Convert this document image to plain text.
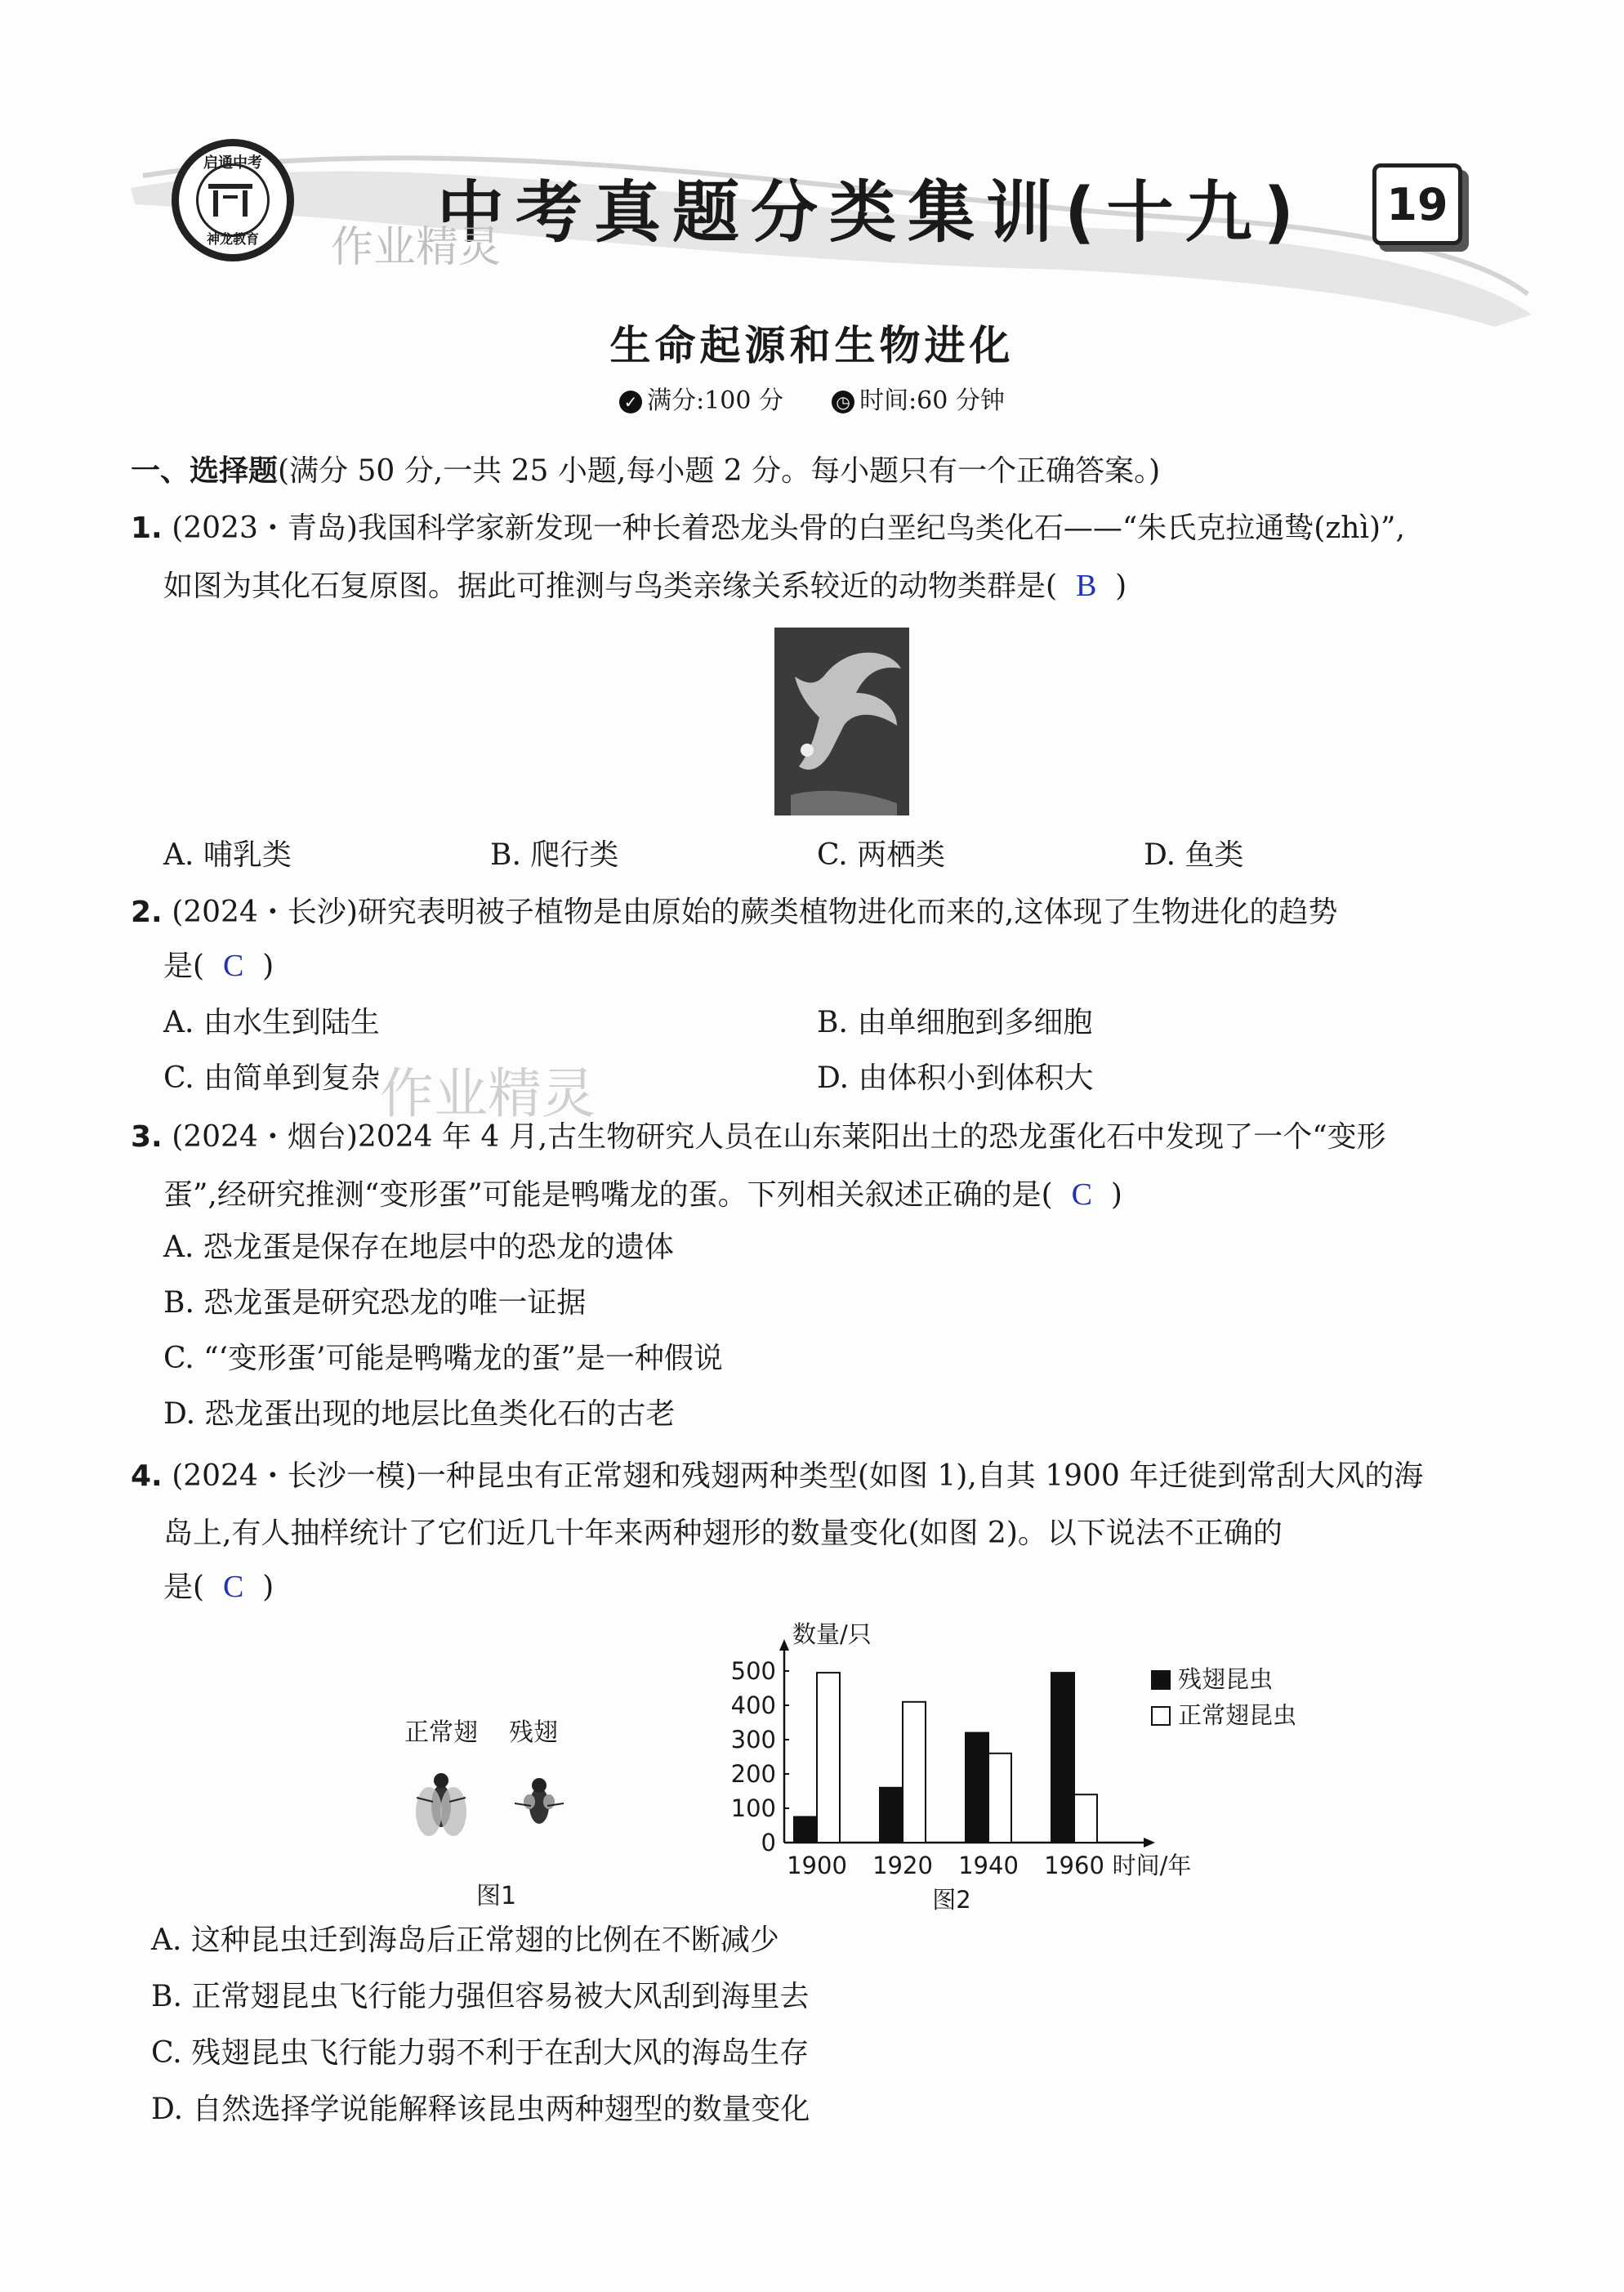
启通中考
神龙教育	中考真题分类集训(十九)	19
作业精灵
生命起源和生物进化
✓ 满分:100 分	◷ 时间:60 分钟
一、选择题(满分 50 分,一共 25 小题,每小题 2 分。每小题只有一个正确答案。)
1. (2023・青岛)我国科学家新发现一种长着恐龙头骨的白垩纪鸟类化石——“朱氏克拉通鸷(zhì)”,
如图为其化石复原图。据此可推测与鸟类亲缘关系较近的动物类群是( B  )
A. 哺乳类	B. 爬行类	C. 两栖类	D. 鱼类
2. (2024・长沙)研究表明被子植物是由原始的蕨类植物进化而来的,这体现了生物进化的趋势
是( C  )
A. 由水生到陆生	B. 由单细胞到多细胞
C. 由简单到复杂	D. 由体积小到体积大
作业精灵
3. (2024・烟台)2024 年 4 月,古生物研究人员在山东莱阳出土的恐龙蛋化石中发现了一个“变形
蛋”,经研究推测“变形蛋”可能是鸭嘴龙的蛋。下列相关叙述正确的是( C  )
A. 恐龙蛋是保存在地层中的恐龙的遗体
B. 恐龙蛋是研究恐龙的唯一证据
C. “‘变形蛋’可能是鸭嘴龙的蛋”是一种假说
D. 恐龙蛋出现的地层比鱼类化石的古老
4. (2024・长沙一模)一种昆虫有正常翅和残翅两种类型(如图 1),自其 1900 年迁徙到常刮大风的海
岛上,有人抽样统计了它们近几十年来两种翅形的数量变化(如图 2)。以下说法不正确的
是( C  )
正常翅 残翅
图1
0
100
200
300
400
500
数量/只
1900 1920 1940 1960 时间/年
残翅昆虫
正常翅昆虫
图2
A. 这种昆虫迁到海岛后正常翅的比例在不断减少
B. 正常翅昆虫飞行能力强但容易被大风刮到海里去
C. 残翅昆虫飞行能力弱不利于在刮大风的海岛生存
D. 自然选择学说能解释该昆虫两种翅型的数量变化
